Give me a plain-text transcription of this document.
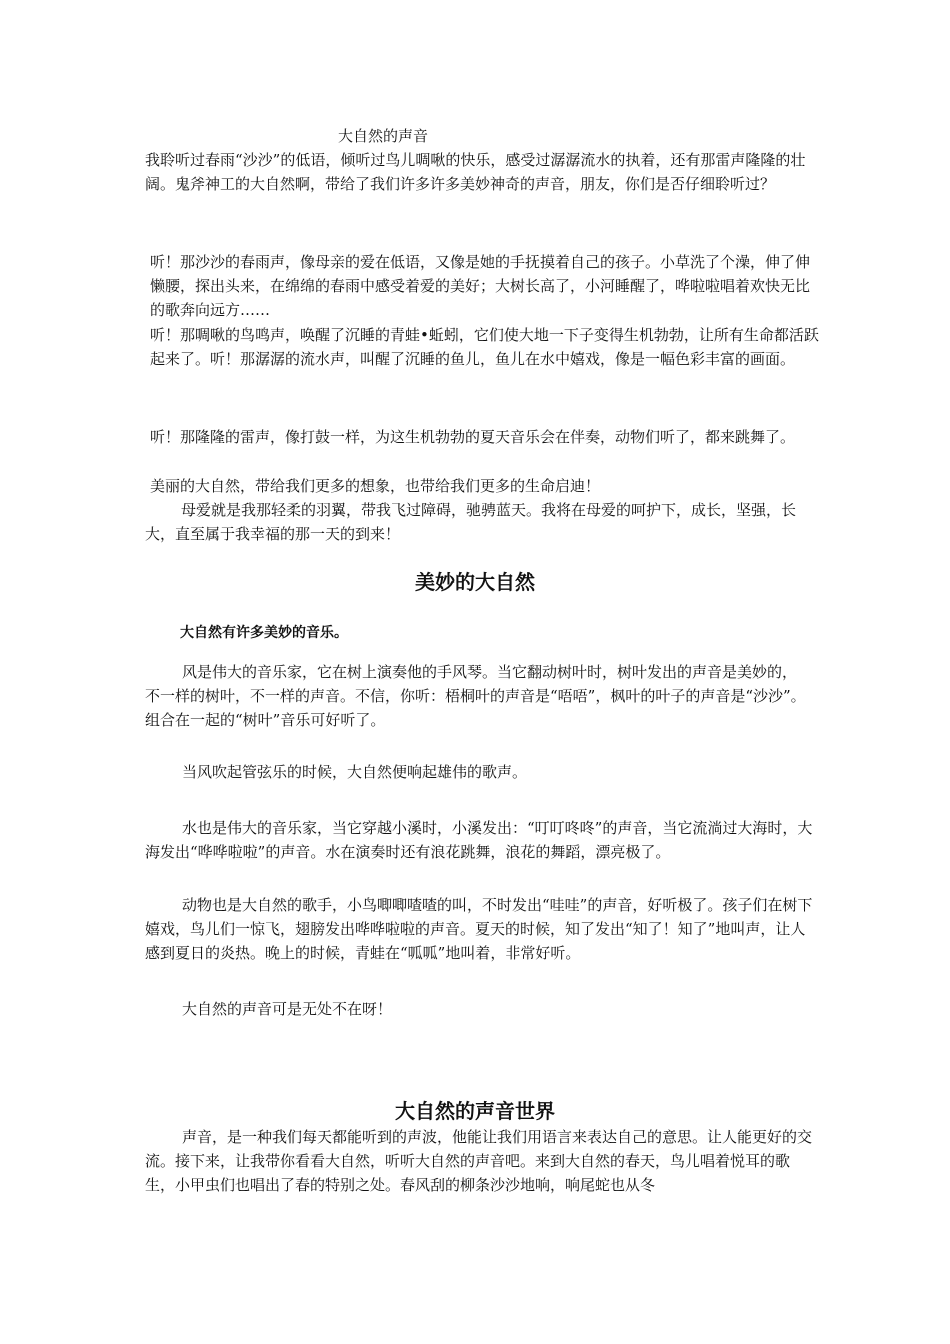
大自然的声音

我聆听过春雨“沙沙”的低语，倾听过鸟儿啁啾的快乐，感受过潺潺流水的执着，还有那雷声隆隆的壮阔。鬼斧神工的大自然啊，带给了我们许多许多美妙神奇的声音，朋友，你们是否仔细聆听过？

听！那沙沙的春雨声，像母亲的爱在低语，又像是她的手抚摸着自己的孩子。小草洗了个澡，伸了伸懒腰，探出头来，在绵绵的春雨中感受着爱的美好；大树长高了，小河睡醒了，哗啦啦唱着欢快无比的歌奔向远方……

听！那啁啾的鸟鸣声，唤醒了沉睡的青蛙•蚯蚓，它们使大地一下子变得生机勃勃，让所有生命都活跃起来了。听！那潺潺的流水声，叫醒了沉睡的鱼儿，鱼儿在水中嬉戏，像是一幅色彩丰富的画面。

听！那隆隆的雷声，像打鼓一样，为这生机勃勃的夏天音乐会在伴奏，动物们听了，都来跳舞了。

美丽的大自然，带给我们更多的想象，也带给我们更多的生命启迪！

母爱就是我那轻柔的羽翼，带我飞过障碍，驰骋蓝天。我将在母爱的呵护下，成长，坚强，长大，直至属于我幸福的那一天的到来！

美妙的大自然
大自然有许多美妙的音乐。

风是伟大的音乐家，它在树上演奏他的手风琴。当它翻动树叶时，树叶发出的声音是美妙的，不一样的树叶，不一样的声音。不信，你听：梧桐叶的声音是“唔唔”，枫叶的叶子的声音是“沙沙”。组合在一起的“树叶”音乐可好听了。

当风吹起管弦乐的时候，大自然便响起雄伟的歌声。

水也是伟大的音乐家，当它穿越小溪时，小溪发出：“叮叮咚咚”的声音，当它流淌过大海时，大海发出“哗哗啦啦”的声音。水在演奏时还有浪花跳舞，浪花的舞蹈，漂亮极了。

动物也是大自然的歌手，小鸟唧唧喳喳的叫，不时发出“哇哇”的声音，好听极了。孩子们在树下嬉戏，鸟儿们一惊飞，翅膀发出哗哗啦啦的声音。夏天的时候，知了发出“知了！知了”地叫声，让人感到夏日的炎热。晚上的时候，青蛙在“呱呱”地叫着，非常好听。

大自然的声音可是无处不在呀！

大自然的声音世界

声音，是一种我们每天都能听到的声波，他能让我们用语言来表达自己的意思。让人能更好的交流。接下来，让我带你看看大自然，听听大自然的声音吧。来到大自然的春天，鸟儿唱着悦耳的歌生，小甲虫们也唱出了春的特别之处。春风刮的柳条沙沙地响，响尾蛇也从冬
